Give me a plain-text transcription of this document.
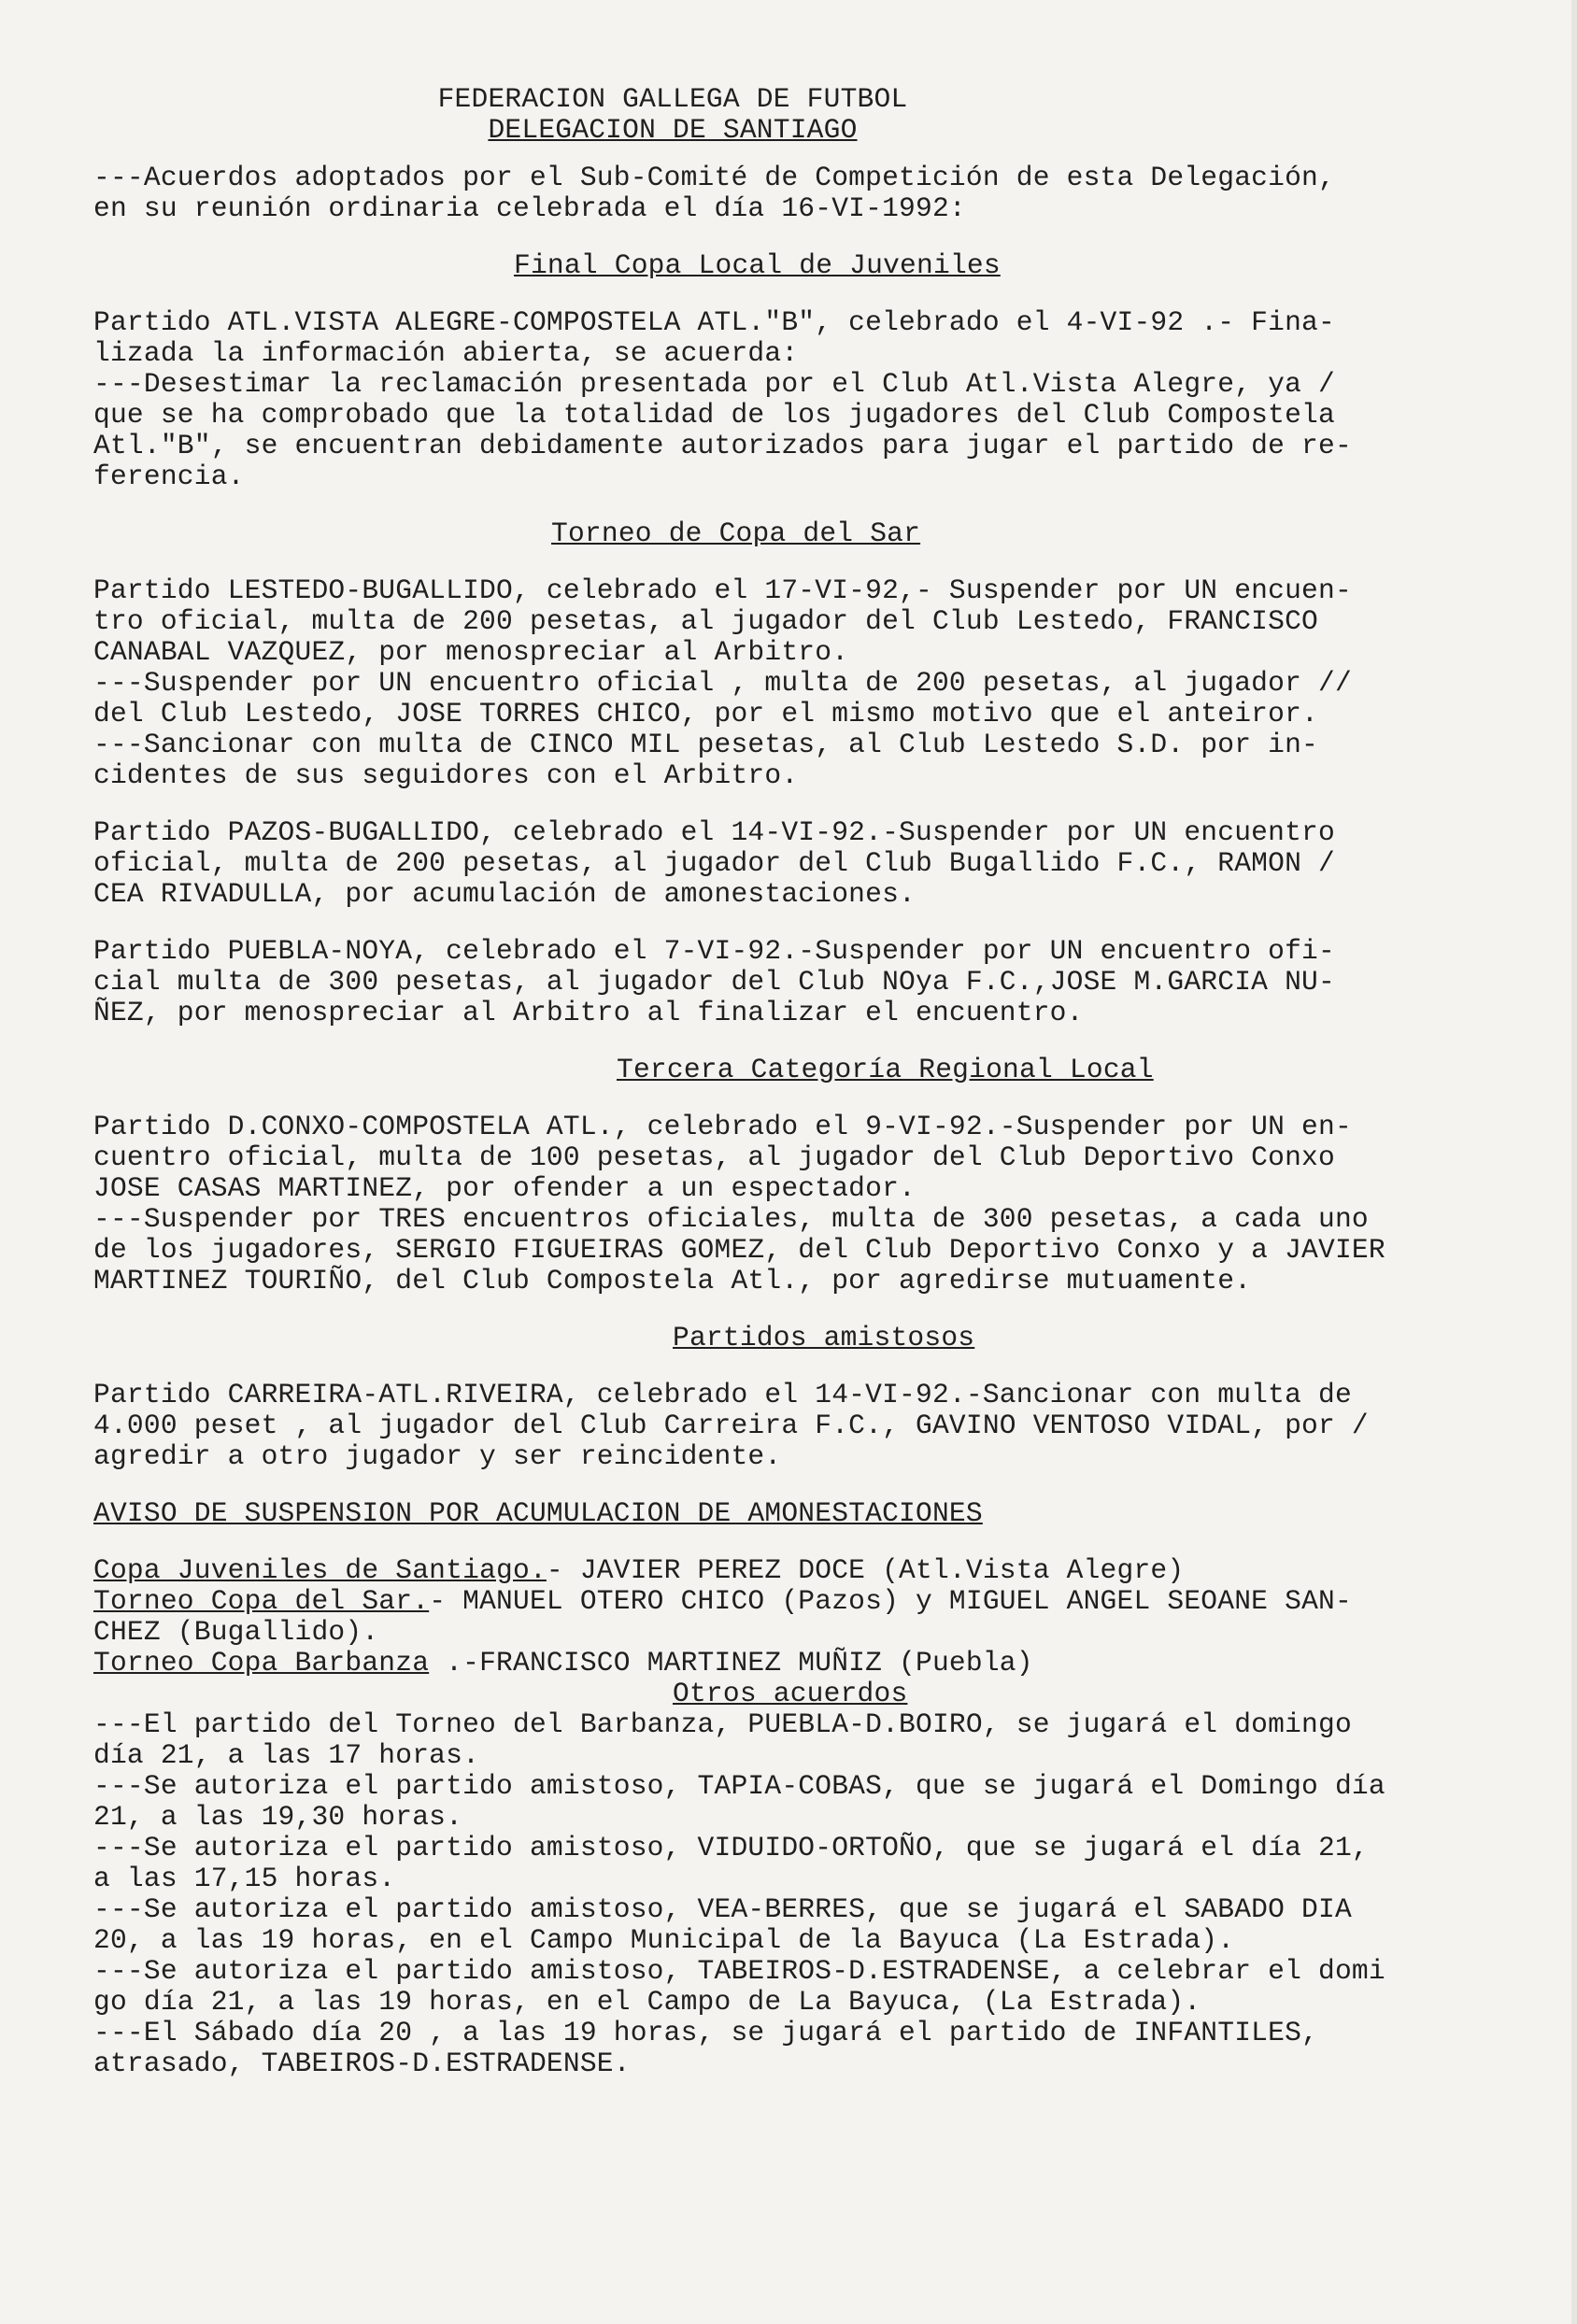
FEDERACION GALLEGA DE FUTBOL
DELEGACION DE SANTIAGO
---Acuerdos adoptados por el Sub-Comité de Competición de esta Delegación,
en su reunión ordinaria celebrada el día 16-VI-1992:
Final Copa Local de Juveniles
Partido ATL.VISTA ALEGRE-COMPOSTELA ATL."B", celebrado el 4-VI-92 .- Fina-
lizada la información abierta, se acuerda:
---Desestimar la reclamación presentada por el Club Atl.Vista Alegre, ya /
que se ha comprobado que la totalidad de los jugadores del Club Compostela
Atl."B", se encuentran debidamente autorizados para jugar el partido de re-
ferencia.
Torneo de Copa del Sar
Partido LESTEDO-BUGALLIDO, celebrado el 17-VI-92,- Suspender por UN encuen-
tro oficial, multa de 200 pesetas, al jugador del Club Lestedo, FRANCISCO
CANABAL VAZQUEZ, por menospreciar al Arbitro.
---Suspender por UN encuentro oficial , multa de 200 pesetas, al jugador //
del Club Lestedo, JOSE TORRES CHICO, por el mismo motivo que el anteiror.
---Sancionar con multa de CINCO MIL pesetas, al Club Lestedo S.D. por in-
cidentes de sus seguidores con el Arbitro.
Partido PAZOS-BUGALLIDO, celebrado el 14-VI-92.-Suspender por UN encuentro
oficial, multa de 200 pesetas, al jugador del Club Bugallido F.C., RAMON /
CEA RIVADULLA, por acumulación de amonestaciones.
Partido PUEBLA-NOYA, celebrado el 7-VI-92.-Suspender por UN encuentro ofi-
cial multa de 300 pesetas, al jugador del Club NOya F.C.,JOSE M.GARCIA NU-
ÑEZ, por menospreciar al Arbitro al finalizar el encuentro.
Tercera Categoría Regional Local
Partido D.CONXO-COMPOSTELA ATL., celebrado el 9-VI-92.-Suspender por UN en-
cuentro oficial, multa de 100 pesetas, al jugador del Club Deportivo Conxo
JOSE CASAS MARTINEZ, por ofender a un espectador.
---Suspender por TRES encuentros oficiales, multa de 300 pesetas, a cada uno
de los jugadores, SERGIO FIGUEIRAS GOMEZ, del Club Deportivo Conxo y a JAVIER
MARTINEZ TOURIÑO, del Club Compostela Atl., por agredirse mutuamente.
Partidos amistosos
Partido CARREIRA-ATL.RIVEIRA, celebrado el 14-VI-92.-Sancionar con multa de
4.000 peset , al jugador del Club Carreira F.C., GAVINO VENTOSO VIDAL, por /
agredir a otro jugador y ser reincidente.
AVISO DE SUSPENSION POR ACUMULACION DE AMONESTACIONES
Copa Juveniles de Santiago.- JAVIER PEREZ DOCE (Atl.Vista Alegre)
Torneo Copa del Sar.- MANUEL OTERO CHICO (Pazos) y MIGUEL ANGEL SEOANE SAN-
CHEZ (Bugallido).
Torneo Copa Barbanza .-FRANCISCO MARTINEZ MUÑIZ (Puebla)
Otros acuerdos
---El partido del Torneo del Barbanza, PUEBLA-D.BOIRO, se jugará el domingo
día 21, a las 17 horas.
---Se autoriza el partido amistoso, TAPIA-COBAS, que se jugará el Domingo día
21, a las 19,30 horas.
---Se autoriza el partido amistoso, VIDUIDO-ORTOÑO, que se jugará el día 21,
a las 17,15 horas.
---Se autoriza el partido amistoso, VEA-BERRES, que se jugará el SABADO DIA
20, a las 19 horas, en el Campo Municipal de la Bayuca (La Estrada).
---Se autoriza el partido amistoso, TABEIROS-D.ESTRADENSE, a celebrar el domi
go día 21, a las 19 horas, en el Campo de La Bayuca, (La Estrada).
---El Sábado día 20 , a las 19 horas, se jugará el partido de INFANTILES,
atrasado, TABEIROS-D.ESTRADENSE.
